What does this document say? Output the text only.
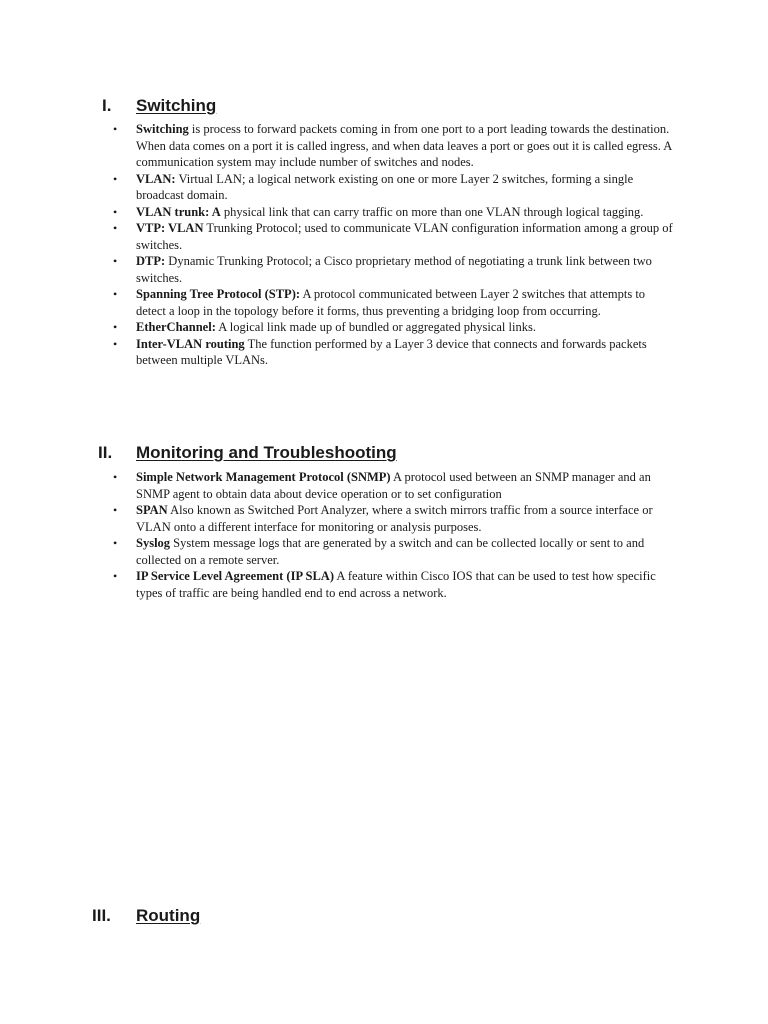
I. Switching
• Switching is process to forward packets coming in from one port to a port leading towards the destination. When data comes on a port it is called ingress, and when data leaves a port or goes out it is called egress. A communication system may include number of switches and nodes.
• VLAN: Virtual LAN; a logical network existing on one or more Layer 2 switches, forming a single broadcast domain.
• VLAN trunk: A physical link that can carry traffic on more than one VLAN through logical tagging.
• VTP: VLAN Trunking Protocol; used to communicate VLAN configuration information among a group of switches.
• DTP: Dynamic Trunking Protocol; a Cisco proprietary method of negotiating a trunk link between two switches.
• Spanning Tree Protocol (STP): A protocol communicated between Layer 2 switches that attempts to detect a loop in the topology before it forms, thus preventing a bridging loop from occurring.
• EtherChannel: A logical link made up of bundled or aggregated physical links.
• Inter-VLAN routing The function performed by a Layer 3 device that connects and forwards packets between multiple VLANs.
II. Monitoring and Troubleshooting
• Simple Network Management Protocol (SNMP) A protocol used between an SNMP manager and an SNMP agent to obtain data about device operation or to set configuration
• SPAN Also known as Switched Port Analyzer, where a switch mirrors traffic from a source interface or VLAN onto a different interface for monitoring or analysis purposes.
• Syslog System message logs that are generated by a switch and can be collected locally or sent to and collected on a remote server.
• IP Service Level Agreement (IP SLA) A feature within Cisco IOS that can be used to test how specific types of traffic are being handled end to end across a network.
III. Routing
